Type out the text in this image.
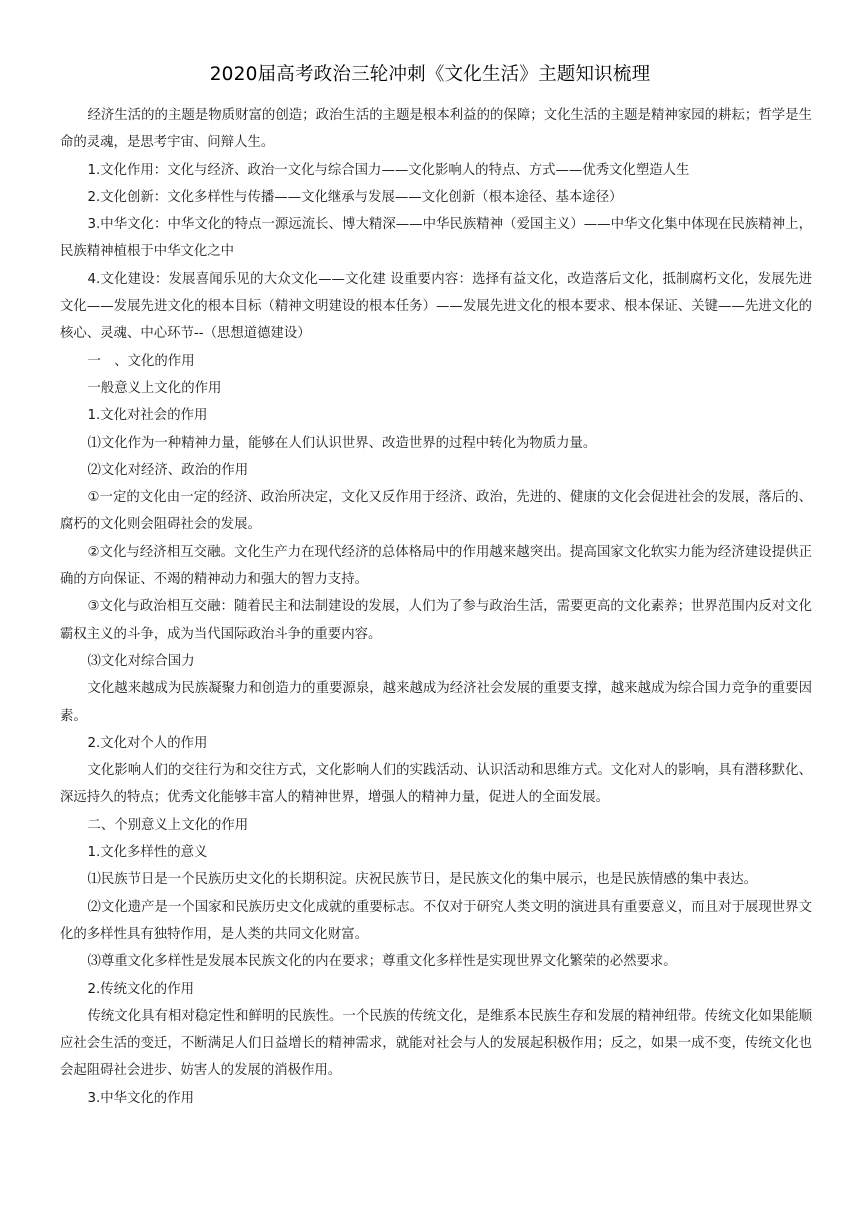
2020届高考政治三轮冲刺《文化生活》主题知识梳理

经济生活的的主题是物质财富的创造；政治生活的主题是根本利益的的保障；文化生活的主题是精神家园的耕耘；哲学是生命的灵魂，是思考宇宙、问辩人生。

1.文化作用：文化与经济、政治一文化与综合国力——文化影响人的特点、方式——优秀文化塑造人生

2.文化创新：文化多样性与传播——文化继承与发展——文化创新（根本途径、基本途径）

3.中华文化：中华文化的特点一源远流长、博大精深——中华民族精神（爱国主义）——中华文化集中体现在民族精神上，民族精神植根于中华文化之中

4.文化建设：发展喜闻乐见的大众文化——文化建 设重要内容：选择有益文化，改造落后文化，抵制腐朽文化，发展先进文化——发展先进文化的根本目标（精神文明建设的根本任务）——发展先进文化的根本要求、根本保证、关键——先进文化的核心、灵魂、中心环节--（思想道德建设）

一　、文化的作用

一般意义上文化的作用

1.文化对社会的作用

⑴文化作为一种精神力量，能够在人们认识世界、改造世界的过程中转化为物质力量。

⑵文化对经济、政治的作用

①一定的文化由一定的经济、政治所决定，文化又反作用于经济、政治，先进的、健康的文化会促进社会的发展，落后的、腐朽的文化则会阻碍社会的发展。

②文化与经济相互交融。文化生产力在现代经济的总体格局中的作用越来越突出。提高国家文化软实力能为经济建设提供正确的方向保证、不竭的精神动力和强大的智力支持。

③文化与政治相互交融：随着民主和法制建设的发展，人们为了参与政治生活，需要更高的文化素养；世界范围内反对文化霸权主义的斗争，成为当代国际政治斗争的重要内容。

⑶文化对综合国力

文化越来越成为民族凝聚力和创造力的重要源泉，越来越成为经济社会发展的重要支撑，越来越成为综合国力竞争的重要因素。

2.文化对个人的作用

文化影响人们的交往行为和交往方式，文化影响人们的实践活动、认识活动和思维方式。文化对人的影响，具有潜移默化、深远持久的特点；优秀文化能够丰富人的精神世界，增强人的精神力量，促进人的全面发展。

二、个别意义上文化的作用

1.文化多样性的意义

⑴民族节日是一个民族历史文化的长期积淀。庆祝民族节日，是民族文化的集中展示，也是民族情感的集中表达。

⑵文化遗产是一个国家和民族历史文化成就的重要标志。不仅对于研究人类文明的演进具有重要意义，而且对于展现世界文化的多样性具有独特作用，是人类的共同文化财富。

⑶尊重文化多样性是发展本民族文化的内在要求；尊重文化多样性是实现世界文化繁荣的必然要求。

2.传统文化的作用

传统文化具有相对稳定性和鲜明的民族性。一个民族的传统文化，是维系本民族生存和发展的精神纽带。传统文化如果能顺应社会生活的变迁，不断满足人们日益增长的精神需求，就能对社会与人的发展起积极作用；反之，如果一成不变，传统文化也会起阻碍社会进步、妨害人的发展的消极作用。

3.中华文化的作用
